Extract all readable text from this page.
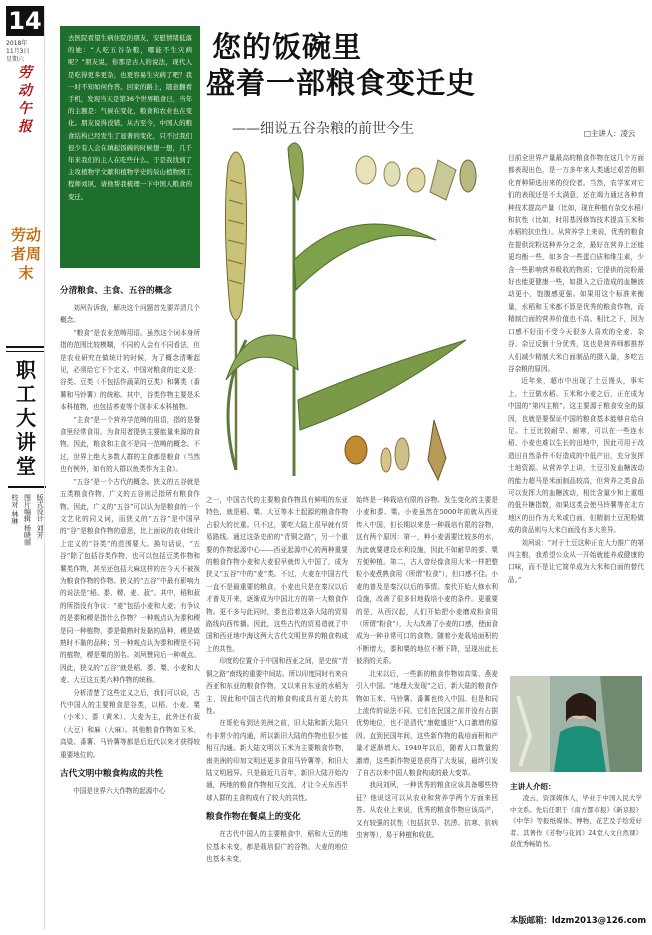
14
2018年
11月3日
星期六
劳动午报
劳动者周末
职工大讲堂
版式设计 刘芳
图片编辑 杨晓丽
校对 林琳
去医院看望生病住院的朋友，安慰情绪低落的她：“人吃五谷杂粮，哪能不生灾病呢？”朋友说，你那是古人的说法，现代人是吃得更多更杂，也更容易生灾病了吧？我一时不知如何作答。回家的路上，随意翻看手机，发现当天是第36个世界粮食日，当年的主题是：气候在变化，粮食和农业也在变化。朋友说得没错，从古至今，中国人的粮食结构已经发生了显著的变化，只不过我们很少有人会在填起饭碗的时候想一想，几千年来我们的主人在吃些什么。于是我找到了主攻植物学文献和植物学史的辰山植物园工程师刘夙，请他帮我梳理一下中国人粮食的变迁。
您的饭碗里
盛着一部粮食变迁史
——细说五谷杂粮的前世今生	□主讲人：凌云
分清粮食、主食、五谷的概念

刘夙告诉我，解决这个问题首先要弄清几个概念。

“粮食”是农业范畴用语。虽然这个词本身所指的范围比较模糊，不同的人会有不同看法，但是农业研究在做统计的时候，为了概念清晰起见，必须给它下个定义。中国对粮食的定义是：谷类、豆类（不包括作蔬菜的豆类）和薯类（番薯和马铃薯）的统称。其中，谷类作物主要是禾本科植物，也包括荞麦等个别非禾本科植物。

“主食”是一个营养学范畴的用语，指的是餐食里经常食用、为食用者提供主要能量来源的食物。因此，粮食和主食不是同一范畴的概念。不过，世界上绝大多数人群的主食都是粮食（当然也有例外，如有的人群以鱼类作为主食）。

“五谷”是一个古代的概念。狭义的五谷就是五类粮食作物，广义的五谷则泛指所有粮食作物。因此，广义的“五谷”可以认为是粮食的一个文艺化的同义词，而狭义的“五谷”是中国早的“谷”是粮食作物的意思，比上面说的农业统计上定义的“谷类”的范围要大。换句话说，“五谷”除了包括谷类作物，也可以包括豆类作物和薯类作物，甚至还包括大麻这样的在今天不被视为粮食作物的作物。狭义的“五谷”中最有影响力的说法是“稻、黍、稷、麦、菽”。其中，稻和菽的所指没有争议：“麦”包括小麦和大麦；有争议的是黍和稷是指什么作物？一种观点认为黍和稷是同一种植物，黍是做熟时发黏的品种，稷是做熟时不黏的品种；另一种观点认为黍和稷是不同的植物，稷是粟的别名。刘夙赞同后一种观点。因此，狭义的“五谷”就是稻、黍、粟、小麦和大麦、大豆这五类六种作物的统称。

分析清楚了这些定义之后，我们可以说，古代中国人的主要粮食是谷类，以稻、小麦、粟（小米）、黍（黄米）、大麦为主，此外还有菽（大豆）和麻（大麻）。其他粮食作物如玉米、高粱、番薯、马铃薯等都是后近代以来才获得较重要地位的。

古代文明中粮食构成的共性

中国是世界六大作物的起源中心

之一，中国古代的主要粮食作物具有鲜明的东亚特色，就是稻、粟、大豆等本土起源的粮食作物占很大的比重。只不过，要吃大陆上很早就有贸易路线。通过这条史前的“青铜之路”，另一个重要的作物起源中心——西亚起源中心的两种重要的粮食作物小麦和大麦很早就传入中国了，成为狭义“五谷”中的“麦”类。不过，大麦在中国古代一直不是最重要的粮食，小麦也只是在秦汉以后才普及开来，逐渐成为中国北方的第一大粮食作物。更不多与此同时，黍也沿着这条大陆的贸易路线向西传播。因此，这些古代的贸易造就了中国和西亚地中海这两大古代文明世界的粮食构成上的共性。

印度的位置介于中国和西亚之间，是史前“青铜之路”南线的重要中间站。所以印度同时有来自西亚和东亚的粮食作物，又以来自东亚的水稻为主，因此和中国古代的粮食构成具有更大的共性。

在哥伦布到达美洲之前，旧大陆和新大陆只有非常少的内通，所以新旧大陆的作物也很少能相互沟通。新大陆文明以玉米为主要粮食作物，南美洲的印加文明还更多食用马铃薯等，和旧大陆文明迥异。只是最近几百年，新旧大陆开始沟通，两地的粮食作物相互交流，才让今天东西半球人群的主食构成有了较大的共性。

粮食作物在餐桌上的变化

在古代中国人的主要粮食中，稻和大豆的地位基本未变，都是栽培很广的谷物。大麦的地位也基本未变，

始终是一种栽培有限的谷物。发生变化的主要是小麦和黍、粟。小麦虽然在5000年前就从西亚传入中国，但长期以来是一种栽培有限的谷物，这有两个原因：第一，种小麦需要比较多的水，为此就要建设水利设施，因此不如耐旱的黍、粟方便种植。第二，古人曾经像食用大米一样把整粒小麦煮熟食用（所谓“粒食”），但口感不佳。小麦的普及是秦汉以后的事情。秦代开始大修水利设施，改善了很多旧地栽培小麦的条件。更重要的是，从西汉起，人们开始把小麦磨成粉食用（所谓“粉食”），大大改善了小麦的口感，使面食成为一种非常可口的食物。随着小麦栽培面积的不断增大，黍和粟的地位不断下降，呈现出此长彼消的关系。

北宋以后，一些新的粮食作物如高粱、燕麦引入中国。“地理大发现”之后，新大陆的粮食作物如玉米、马铃薯、番薯也传入中国。但是和同上流传的说法不同，它们在民国之前并没有占据优势地位，也不是清代“康乾盛世”人口激增的原因。直到民国年间，这些新作物的栽培面积和产量才逐渐增大。1949年以后，随着人口数量的激增，这些新作物更是获得了大发展，最终引发了自古以来中国人粮食构成的最大变革。

我问刘夙，一种优秀的粮食应该具备哪些特征？他说这可以从农业和营养学两个方面来回答。从农业上来说，优秀的粮食作物应该高产，又有较强的抗性（包括抗旱、抗涝、抗寒、抗病虫害等），易于种植和收获。

目前全世界产量最高的粮食作物在这几个方面都表现出色，是一万多年来人类通过艰苦的驯化育种筛选出来的佼佼者。当然，农学家对它们的表现还是不太满意，还在竭力通过各种育种技术提高产量（比如，现在种植有杂交水稻）和抗性（比如，时用基因修饰技术提高玉米和水稻的抗虫性）。从营养学上来说，优秀的粮食在提供淀粉这种养分之余，最好在营养上还能更均衡一些，如多含一些蛋白质和维生素，少含一些影响营养吸收的物质；它提供的淀粉最好也能更健康一些，如摄入之后造成的血糖波动更小，饱腹感更强。如果用这个标准来衡量，水稻和玉米都不算是优秀的粮食作物，而精制白面的营养价值也不高。相比之下，因为口感不好而不受今天很多人喜欢的全麦、杂谷、杂豆反倒十分优秀，这也是营养师都推荐人们减少精制大米白面制品的摄入量，多吃五谷杂粮的原因。

近年来，超市中出现了土豆馒头，事实上，土豆做水稻、玉米和小麦之后，正在成为中国的“第四主粮”。这主要源于粮食安全的原因，也就是要保证中国的粮食基本能够自给自足。土豆比较耐旱、耐寒，可以在一些连水稻、小麦也难以生长的田地中，因此可用于改造田自然条件不好造成的中低产田，充分发挥土地资源。从营养学上讲，土豆引发血糖波动的能力超马是米面制品较高，但营养之类食品可以发挥大的血糖波动，相比含量少和上重组的低升糖指数，如果这类会使马铃薯等在北方地区的田作为大米或白面，但精制土豆泥粉做成的食品则与大米白面没有多大差异。

刘夙说：“对于土豆这种正在大力推广的第四主粮，我希望公众从一开始就能养成健康的口味，而不是让它简单成为大米和白面的替代品。”

主讲人介绍：
凌云，资深媒体人，毕业于中国人民大学中文系。先后任职于《南方都市报》《新京报》《中华》等报纸媒体。博物、花艺及手绘爱好者。其著作《芳物与花间》24堂人文自然课》获优秀畅销书。
本版邮箱：ldzm2013@126.com
